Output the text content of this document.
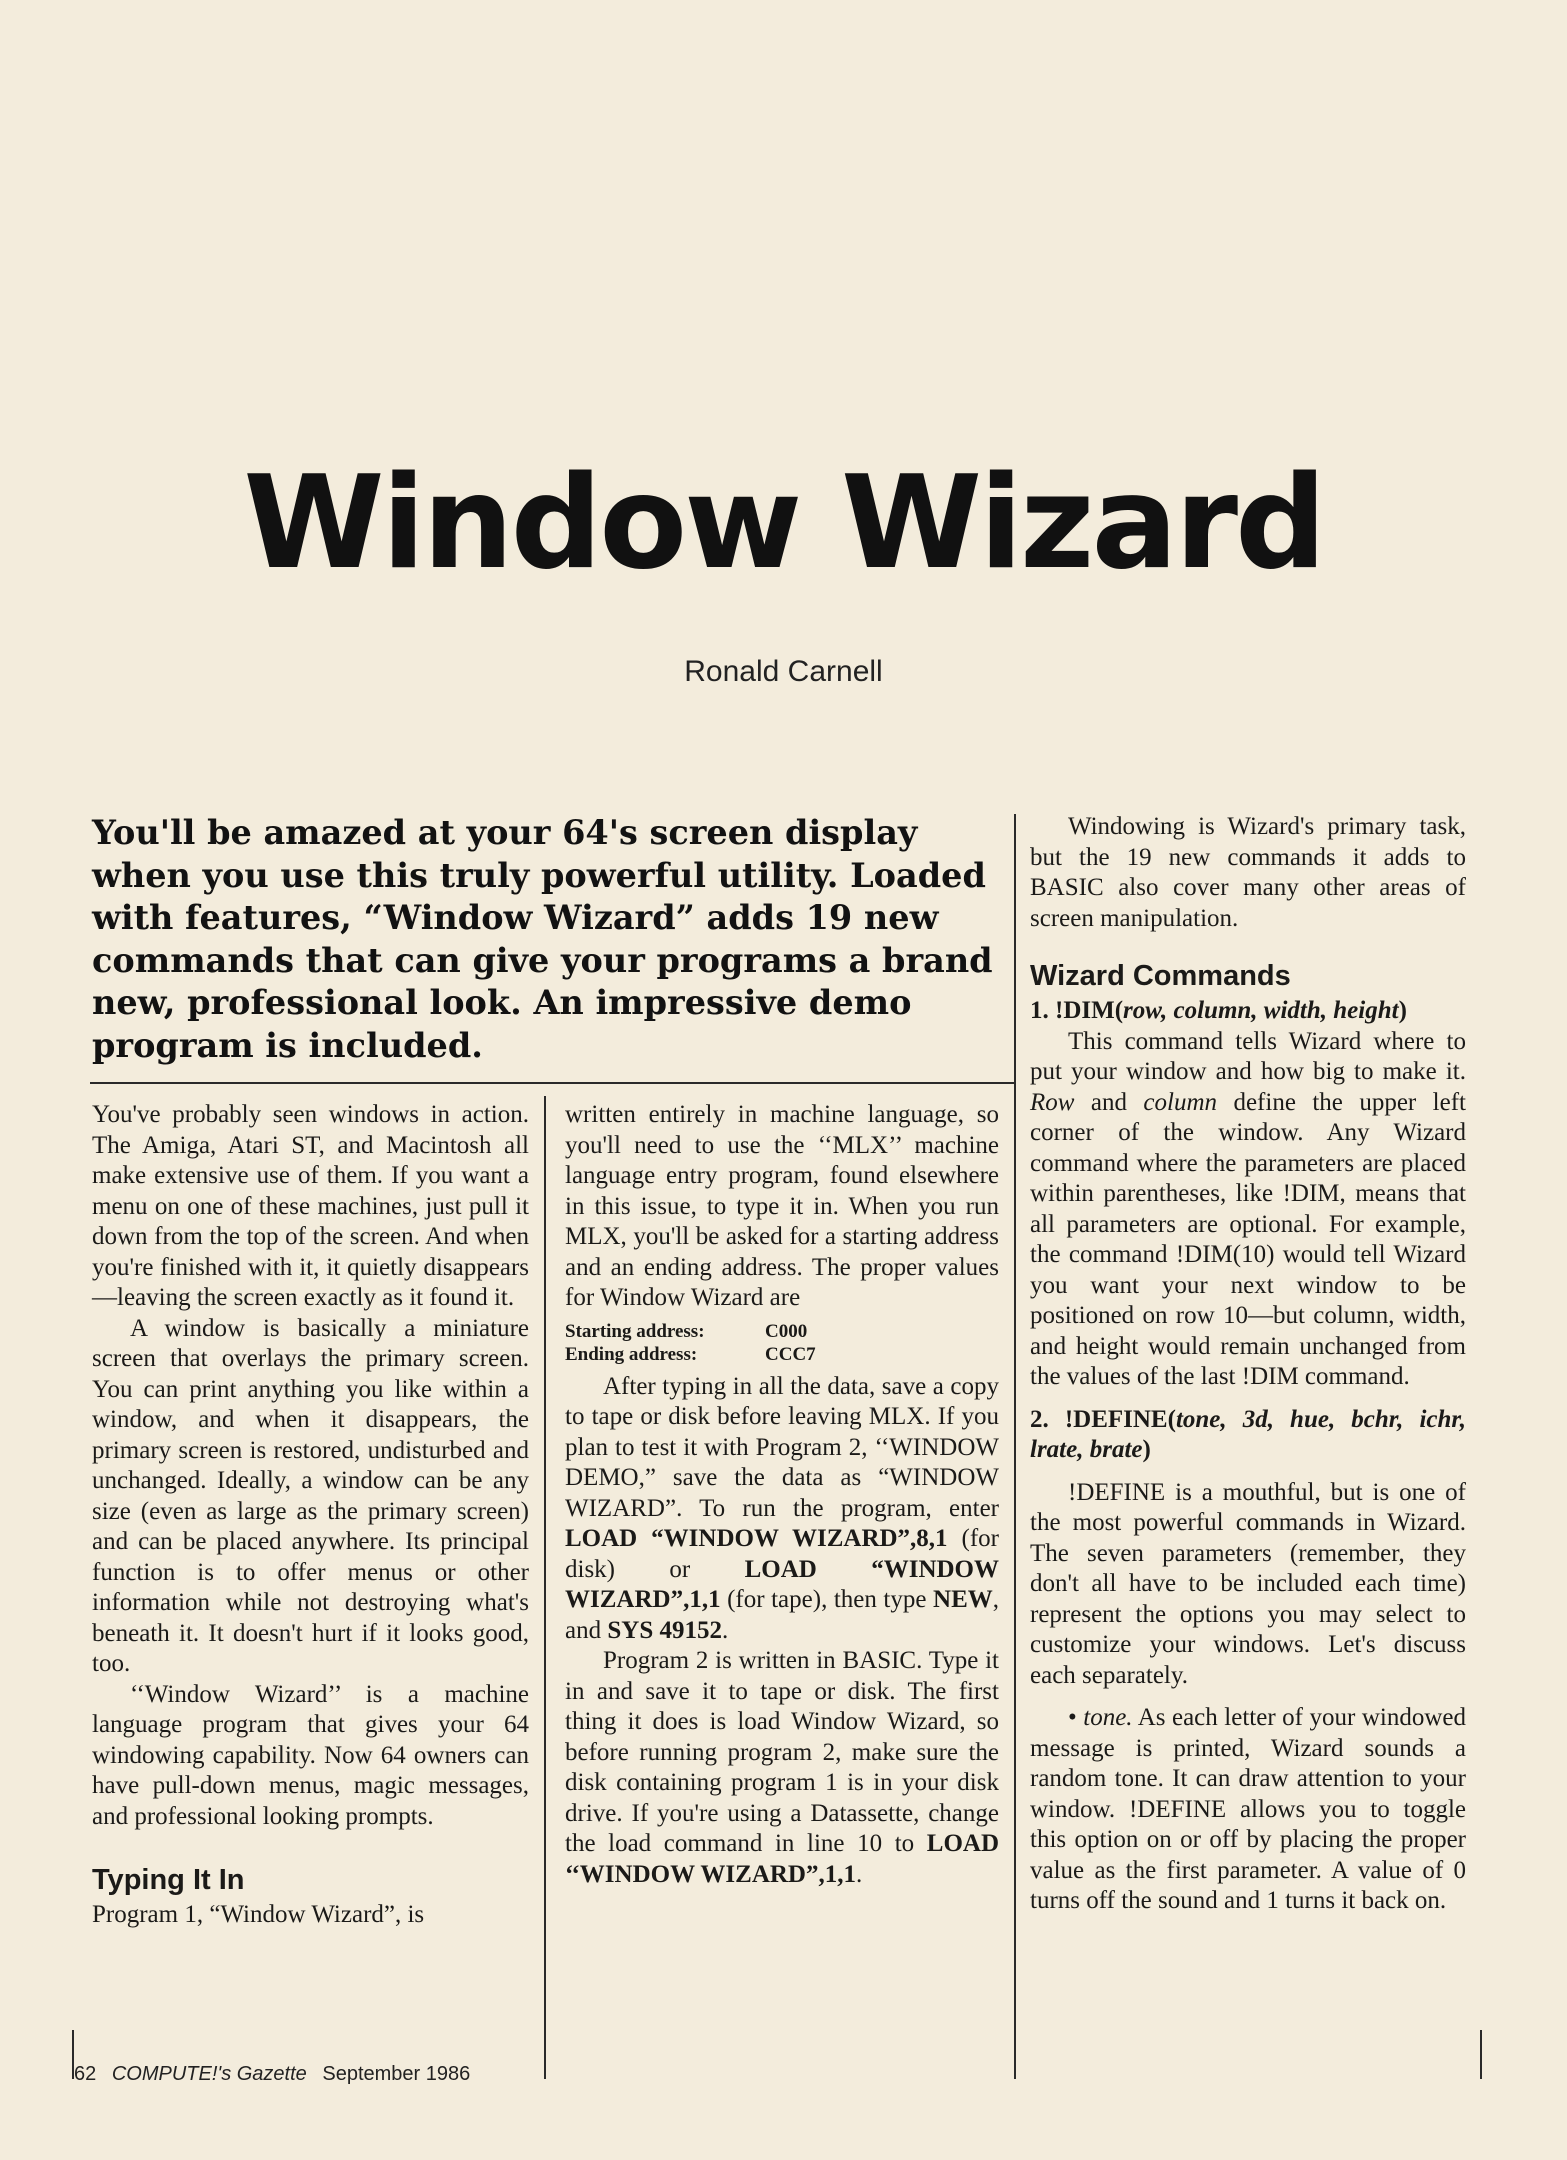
Window Wizard
Ronald Carnell
You'll be amazed at your 64's screen display when you use this truly powerful utility. Loaded with features, “Window Wizard” adds 19 new commands that can give your programs a brand new, professional look. An impressive demo program is included.

You've probably seen windows in action. The Amiga, Atari ST, and Macintosh all make extensive use of them. If you want a menu on one of these machines, just pull it down from the top of the screen. And when you're finished with it, it quietly disappears—leaving the screen exactly as it found it.

A window is basically a miniature screen that overlays the primary screen. You can print anything you like within a window, and when it disappears, the primary screen is restored, undisturbed and unchanged. Ideally, a window can be any size (even as large as the primary screen) and can be placed anywhere. Its principal function is to offer menus or other information while not destroying what's beneath it. It doesn't hurt if it looks good, too.

‘‘Window Wizard’’ is a machine language program that gives your 64 windowing capability. Now 64 owners can have pull-down menus, magic messages, and professional looking prompts.

Typing It In

Program 1, “Window Wizard”, is

written entirely in machine language, so you'll need to use the ‘‘MLX’’ machine language entry program, found elsewhere in this issue, to type it in. When you run MLX, you'll be asked for a starting address and an ending address. The proper values for Window Wizard are

Starting address:	C000
Ending address:	CCC7

After typing in all the data, save a copy to tape or disk before leaving MLX. If you plan to test it with Program 2, ‘‘WINDOW DEMO,” save the data as “WINDOW WIZARD”. To run the program, enter LOAD “WINDOW WIZARD”,8,1 (for disk) or LOAD “WINDOW WIZARD”,1,1 (for tape), then type NEW, and SYS 49152.

Program 2 is written in BASIC. Type it in and save it to tape or disk. The first thing it does is load Window Wizard, so before running program 2, make sure the disk containing program 1 is in your disk drive. If you're using a Datassette, change the load command in line 10 to LOAD ‘‘WINDOW WIZARD”,1,1.

Windowing is Wizard's primary task, but the 19 new commands it adds to BASIC also cover many other areas of screen manipulation.

Wizard Commands

1. !DIM(row, column, width, height)

This command tells Wizard where to put your window and how big to make it. Row and column define the upper left corner of the window. Any Wizard command where the parameters are placed within parentheses, like !DIM, means that all parameters are optional. For example, the command !DIM(10) would tell Wizard you want your next window to be positioned on row 10—but column, width, and height would remain unchanged from the values of the last !DIM command.

2. !DEFINE(tone, 3d, hue, bchr, ichr, lrate, brate)

!DEFINE is a mouthful, but is one of the most powerful commands in Wizard. The seven parameters (remember, they don't all have to be included each time) represent the options you may select to customize your windows. Let's discuss each separately.

• tone. As each letter of your windowed message is printed, Wizard sounds a random tone. It can draw attention to your window. !DEFINE allows you to toggle this option on or off by placing the proper value as the first parameter. A value of 0 turns off the sound and 1 turns it back on.

62 COMPUTE!'s Gazette September 1986
